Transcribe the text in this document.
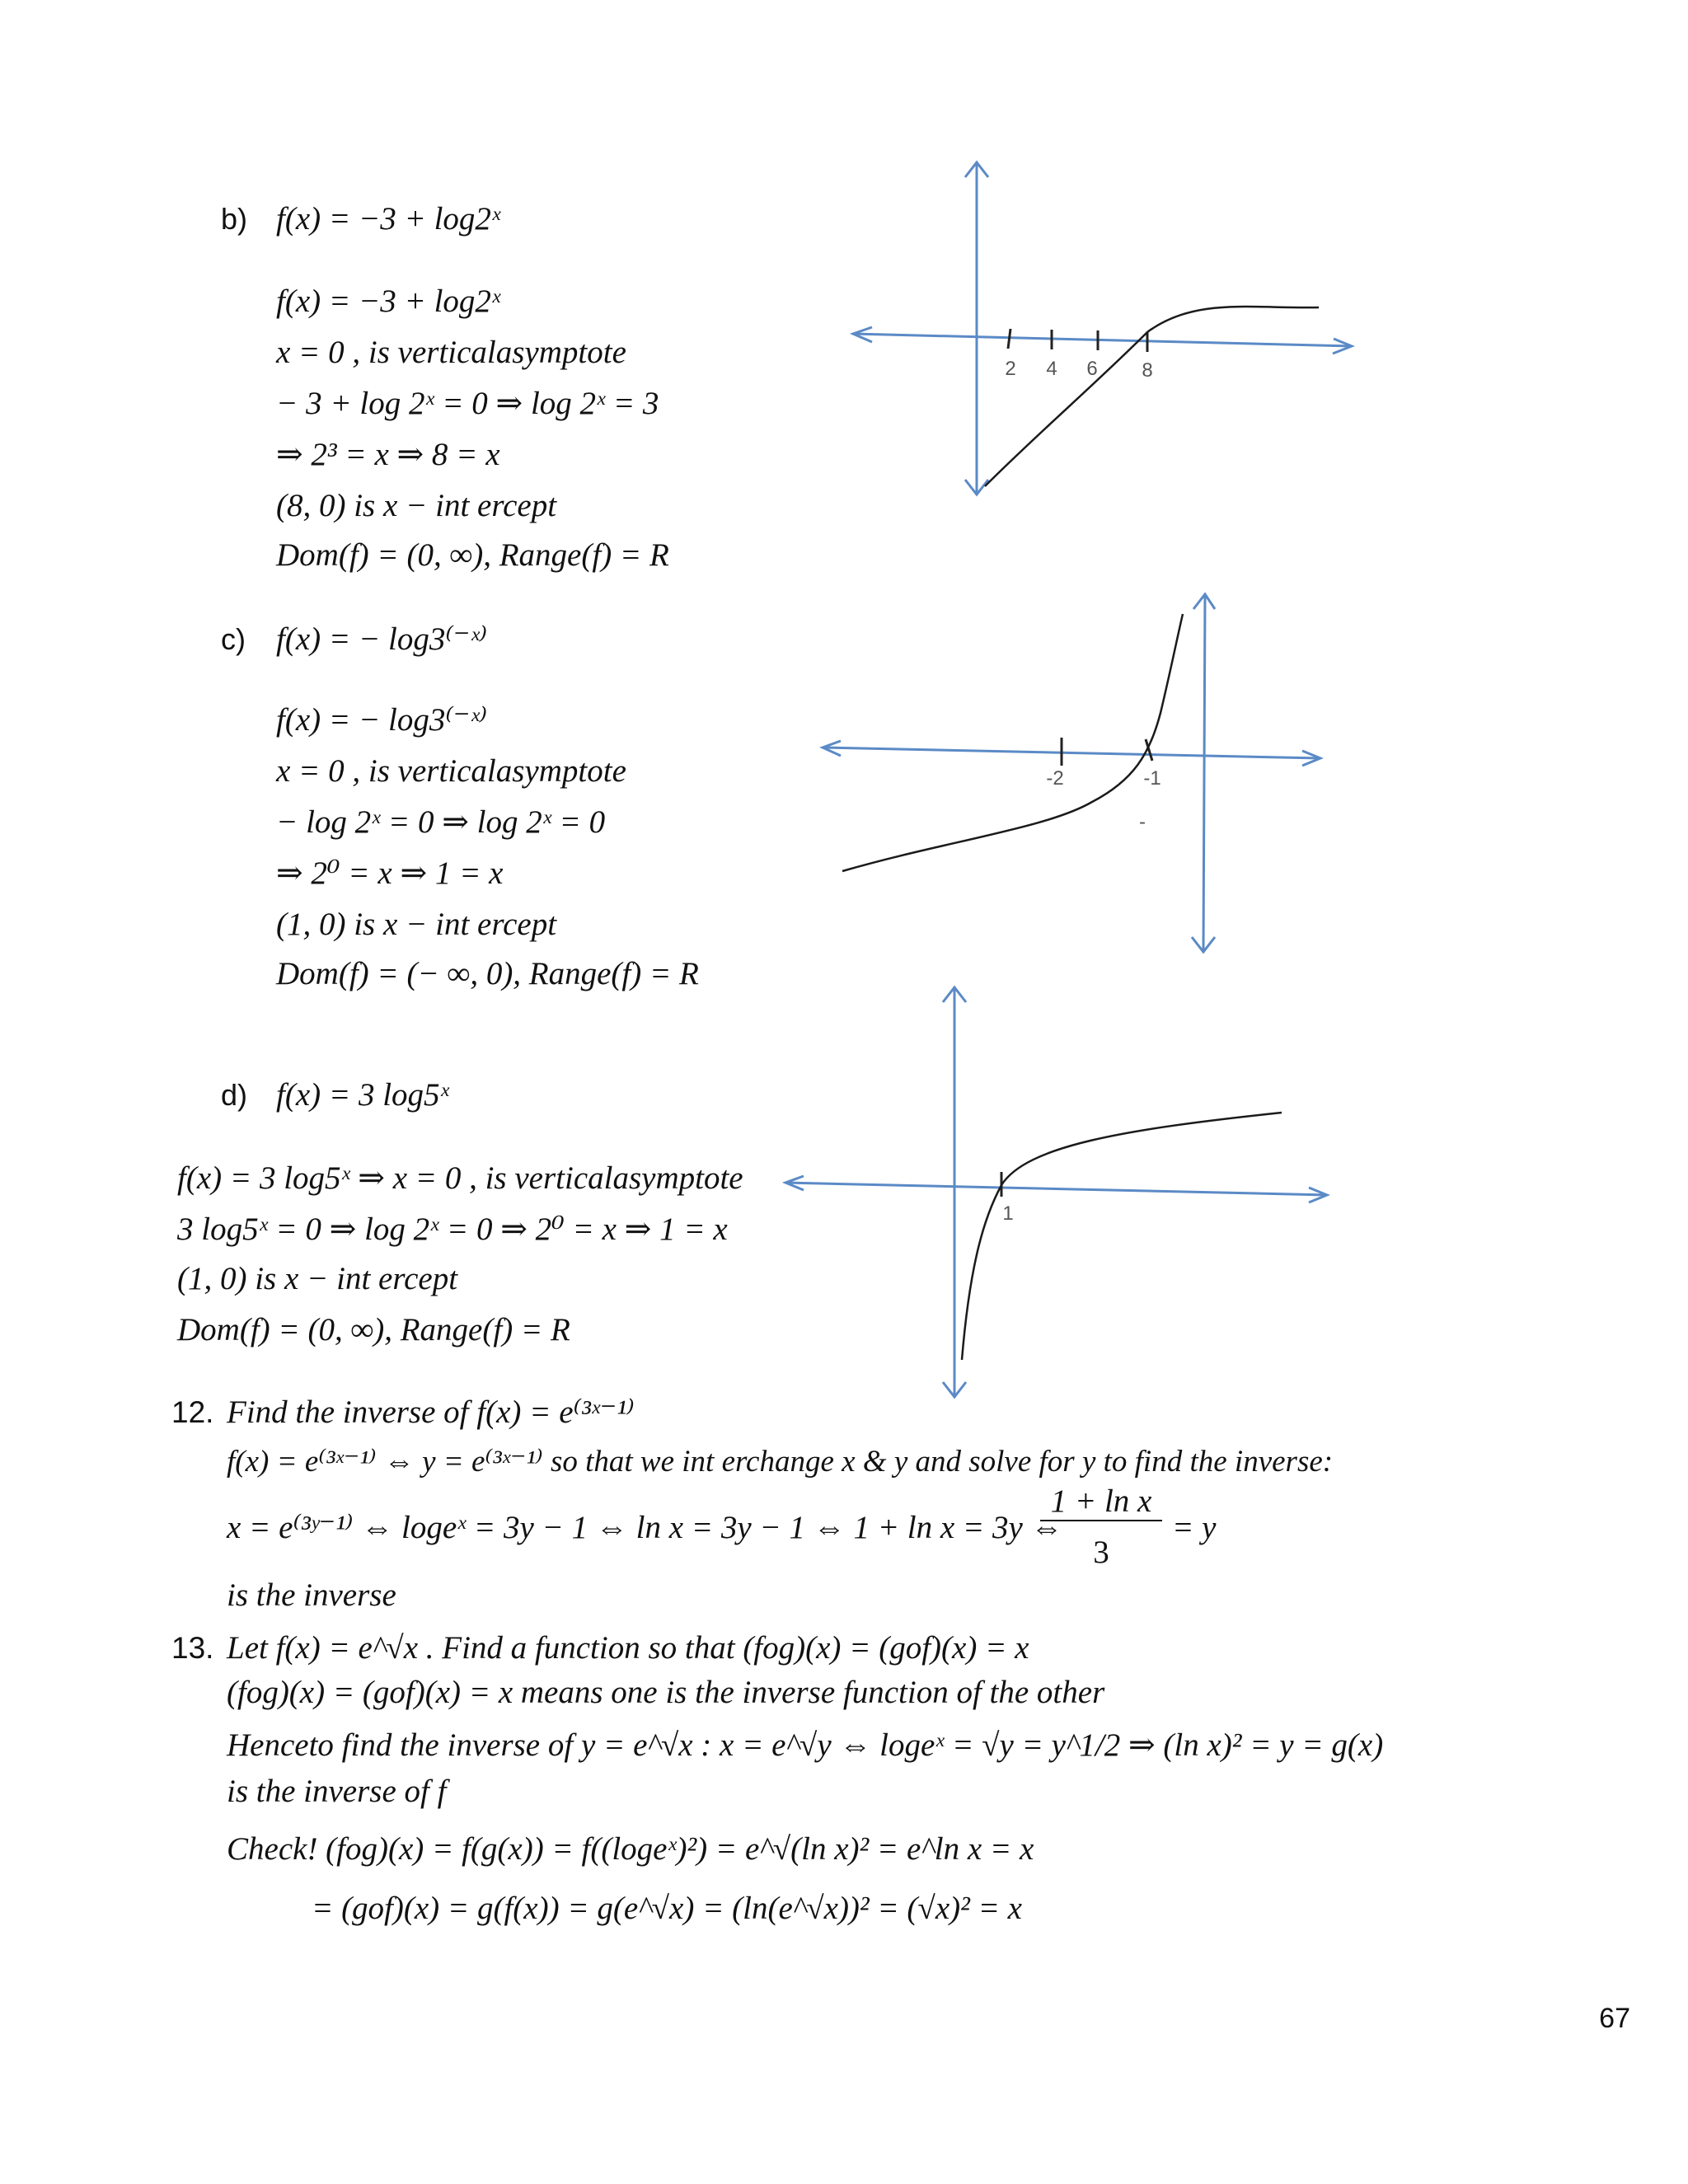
b) f(x) = −3 + log2ˣ
f(x) = −3 + log2ˣ
x = 0 , is verticalasymptote
− 3 + log 2ˣ = 0 ⇒ log 2ˣ = 3
⇒ 2³ = x ⇒ 8 = x
(8, 0) is x − int ercept
Dom(f) = (0, ∞), Range(f) = R
c) f(x) = − log3⁽⁻ˣ⁾
f(x) = − log3⁽⁻ˣ⁾
x = 0 , is verticalasymptote
− log 2ˣ = 0 ⇒ log 2ˣ = 0
⇒ 2⁰ = x ⇒ 1 = x
(1, 0) is x − int ercept
Dom(f) = (− ∞, 0), Range(f) = R
d) f(x) = 3 log5ˣ
f(x) = 3 log5ˣ ⇒ x = 0 , is verticalasymptote
3 log5ˣ = 0 ⇒ log 2ˣ = 0 ⇒ 2⁰ = x ⇒ 1 = x
(1, 0) is x − int ercept
Dom(f) = (0, ∞), Range(f) = R
12. Find the inverse of f(x) = e⁽³ˣ⁻¹⁾
f(x) = e⁽³ˣ⁻¹⁾ ⇔ y = e⁽³ˣ⁻¹⁾ so that we int erchange x & y and solve for y to find the inverse:
x = e⁽³ʸ⁻¹⁾ ⇔ logeˣ = 3y − 1 ⇔ ln x = 3y − 1 ⇔ 1 + ln x = 3y ⇔
1 + ln x
3
= y
is the inverse
13. Let f(x) = e^√x . Find a function so that (fog)(x) = (gof)(x) = x
(fog)(x) = (gof)(x) = x means one is the inverse function of the other
Henceto find the inverse of y = e^√x : x = e^√y ⇔ logeˣ = √y = y^1/2 ⇒ (ln x)² = y = g(x)
is the inverse of f
Check! (fog)(x) = f(g(x)) = f((logeˣ)²) = e^√(ln x)² = e^ln x = x
= (gof)(x) = g(f(x)) = g(e^√x) = (ln(e^√x))² = (√x)² = x
2 4 6 8
-2	-1
-
1
67
